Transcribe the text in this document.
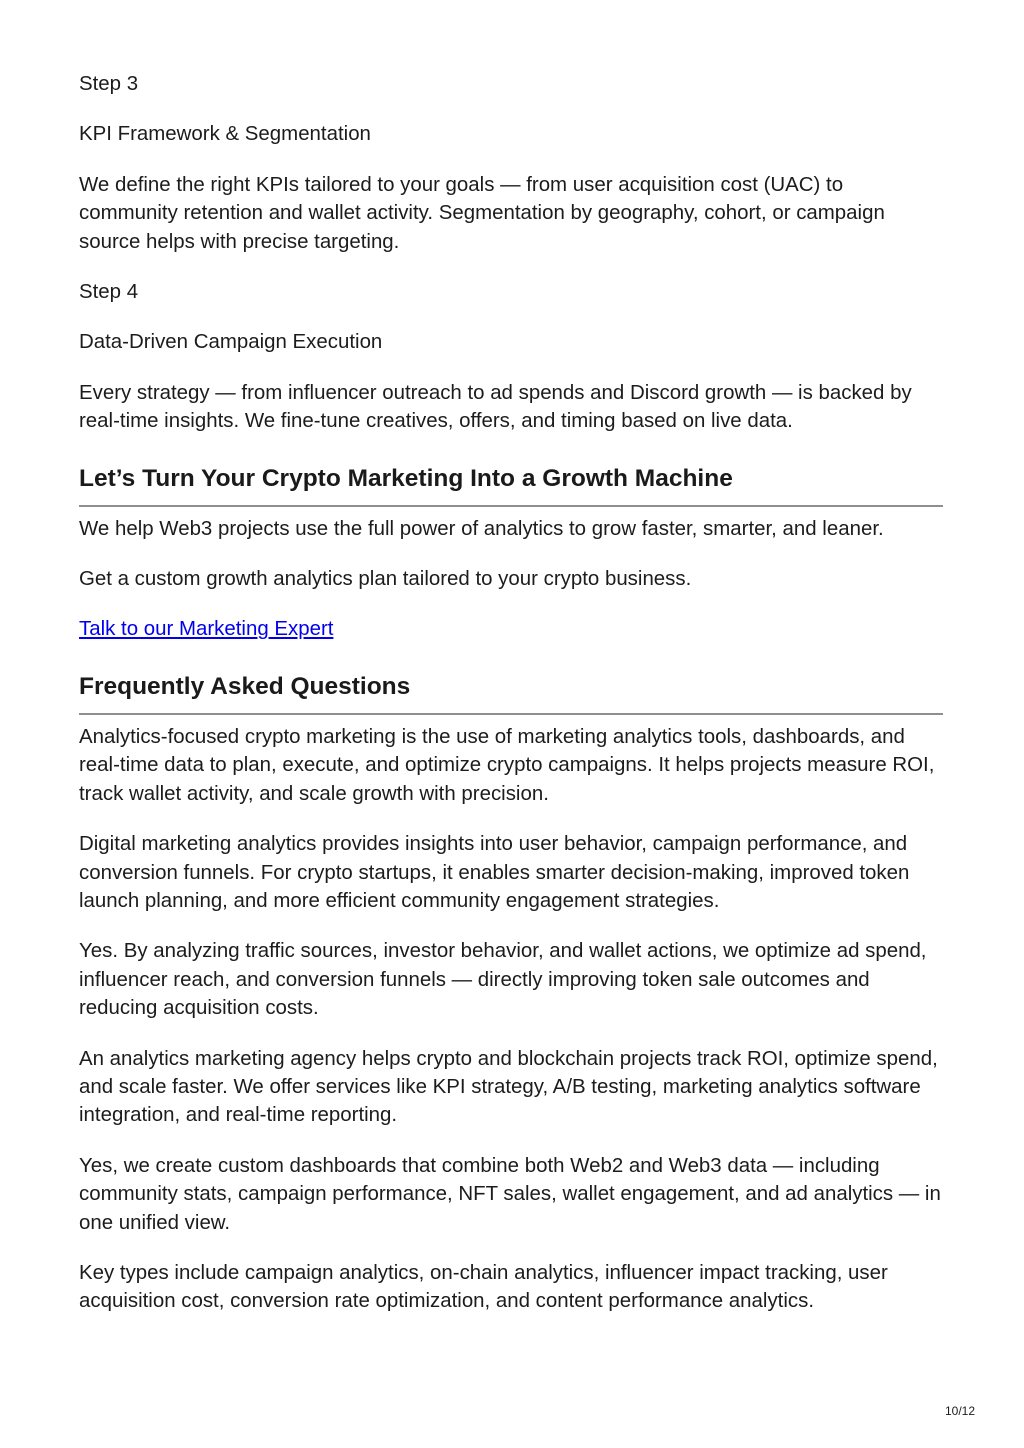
Step 3

KPI Framework & Segmentation

We define the right KPIs tailored to your goals — from user acquisition cost (UAC) to community retention and wallet activity. Segmentation by geography, cohort, or campaign source helps with precise targeting.

Step 4

Data-Driven Campaign Execution

Every strategy — from influencer outreach to ad spends and Discord growth — is backed by real-time insights. We fine-tune creatives, offers, and timing based on live data.

Let’s Turn Your Crypto Marketing Into a Growth Machine

We help Web3 projects use the full power of analytics to grow faster, smarter, and leaner.

Get a custom growth analytics plan tailored to your crypto business.

Talk to our Marketing Expert

Frequently Asked Questions

Analytics-focused crypto marketing is the use of marketing analytics tools, dashboards, and real-time data to plan, execute, and optimize crypto campaigns. It helps projects measure ROI, track wallet activity, and scale growth with precision.

Digital marketing analytics provides insights into user behavior, campaign performance, and conversion funnels. For crypto startups, it enables smarter decision-making, improved token launch planning, and more efficient community engagement strategies.

Yes. By analyzing traffic sources, investor behavior, and wallet actions, we optimize ad spend, influencer reach, and conversion funnels — directly improving token sale outcomes and reducing acquisition costs.

An analytics marketing agency helps crypto and blockchain projects track ROI, optimize spend, and scale faster. We offer services like KPI strategy, A/B testing, marketing analytics software integration, and real-time reporting.

Yes, we create custom dashboards that combine both Web2 and Web3 data — including community stats, campaign performance, NFT sales, wallet engagement, and ad analytics — in one unified view.

Key types include campaign analytics, on-chain analytics, influencer impact tracking, user acquisition cost, conversion rate optimization, and content performance analytics.

10/12
